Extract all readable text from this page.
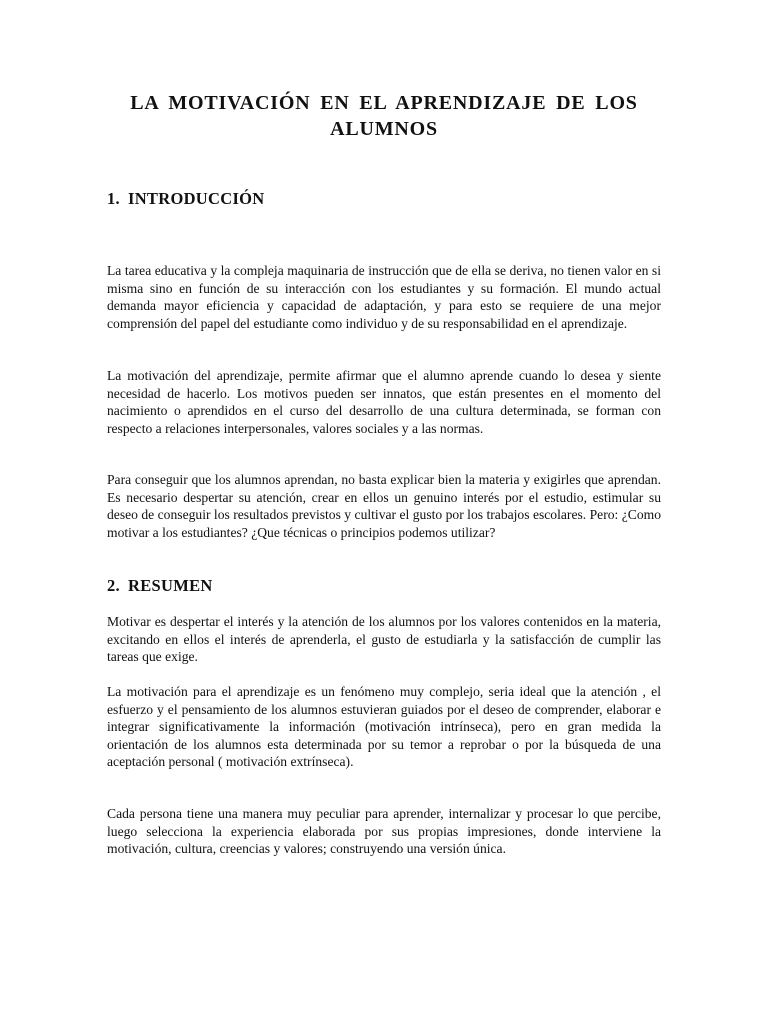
LA MOTIVACIÓN EN EL APRENDIZAJE DE LOS
ALUMNOS
1. INTRODUCCIÓN

La tarea educativa y la compleja maquinaria de instrucción que de ella se deriva, no tienen valor en si misma sino en función de su interacción con los estudiantes y su formación. El mundo actual demanda mayor eficiencia y capacidad de adaptación, y para esto se requiere de una mejor comprensión del papel del estudiante como individuo y de su responsabilidad en el aprendizaje.

La motivación del aprendizaje, permite afirmar que el alumno aprende cuando lo desea y siente necesidad de hacerlo. Los motivos pueden ser innatos, que están presentes en el momento del nacimiento o aprendidos en el curso del desarrollo de una cultura determinada, se forman con respecto a relaciones interpersonales, valores sociales y a las normas.

Para conseguir que los alumnos aprendan, no basta explicar bien la materia y exigirles que aprendan. Es necesario despertar su atención, crear en ellos un genuino interés por el estudio, estimular su deseo de conseguir los resultados previstos y cultivar el gusto por los trabajos escolares. Pero: ¿Como motivar a los estudiantes? ¿Que técnicas o principios podemos utilizar?

2. RESUMEN

Motivar es despertar el interés y la atención de los alumnos por los valores contenidos en la materia, excitando en ellos el interés de aprenderla, el gusto de estudiarla y la satisfacción de cumplir las tareas que exige.

La motivación para el aprendizaje es un fenómeno muy complejo, seria ideal que la atención , el esfuerzo y el pensamiento de los alumnos estuvieran guiados por el deseo de comprender, elaborar e integrar significativamente la información (motivación intrínseca), pero en gran medida la orientación de los alumnos esta determinada por su temor a reprobar o por la búsqueda de una aceptación personal ( motivación extrínseca).

Cada persona tiene una manera muy peculiar para aprender, internalizar y procesar lo que percibe, luego selecciona la experiencia elaborada por sus propias impresiones, donde interviene la motivación, cultura, creencias y valores; construyendo una versión única.
